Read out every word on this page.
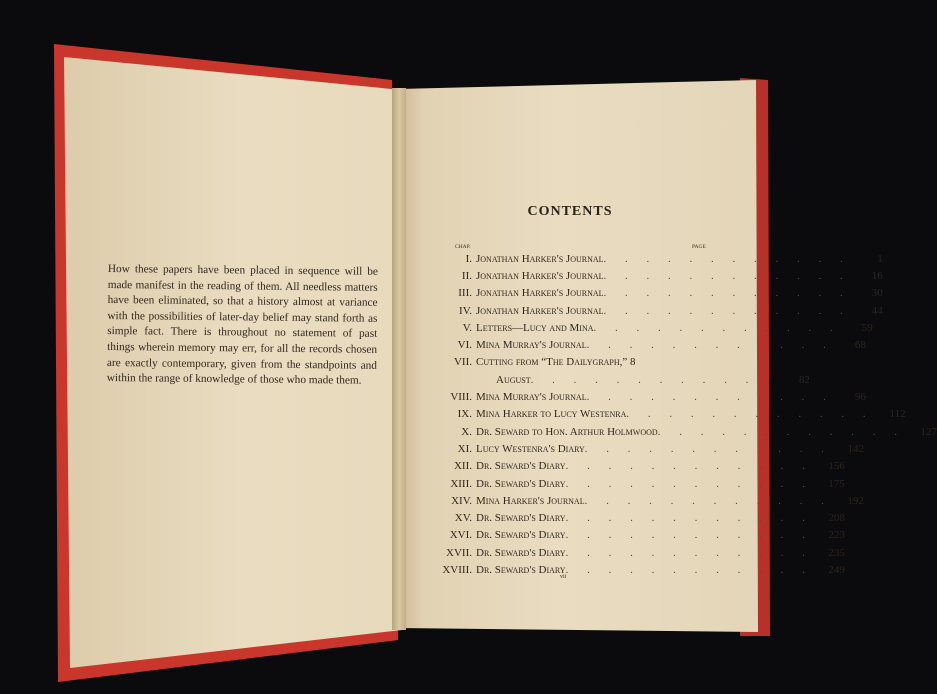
How these papers have been placed in sequence will be
made manifest in the reading of them. All needless matters
have been eliminated, so that a history almost at variance
with the possibilities of later-day belief may stand forth as
simple fact. There is throughout no statement of past
things wherein memory may err, for all the records chosen
are exactly contemporary, given from the standpoints and
within the range of knowledge of those who made them.
CONTENTS
CHAP.	PAGE
I. Jonathan Harker's Journal . . . . . . . . . . . .	1
II. Jonathan Harker's Journal . . . . . . . . . . . .	16
III. Jonathan Harker's Journal . . . . . . . . . . . .	30
IV. Jonathan Harker's Journal . . . . . . . . . . . .	44
V. Letters—Lucy and Mina . . . . . . . . . . . .	59
VI. Mina Murray's Journal . . . . . . . . . . . .	68
VII. Cutting from “The Dailygraph,” 8
August . . . . . . . . . . . .	82
VIII. Mina Murray's Journal . . . . . . . . . . . .	96
IX. Mina Harker to Lucy Westenra . . . . . . . . . . . .	112
X. Dr. Seward to Hon. Arthur Holmwood . . . . . . . . . . . .	127
XI. Lucy Westenra's Diary . . . . . . . . . . . .	142
XII. Dr. Seward's Diary . . . . . . . . . . . .	156
XIII. Dr. Seward's Diary . . . . . . . . . . . .	175
XIV. Mina Harker's Journal . . . . . . . . . . . .	192
XV. Dr. Seward's Diary . . . . . . . . . . . .	208
XVI. Dr. Seward's Diary . . . . . . . . . . . .	223
XVII. Dr. Seward's Diary . . . . . . . . . . . .	235
XVIII. Dr. Seward's Diary . . . . . . . . . . . .	249
vii
